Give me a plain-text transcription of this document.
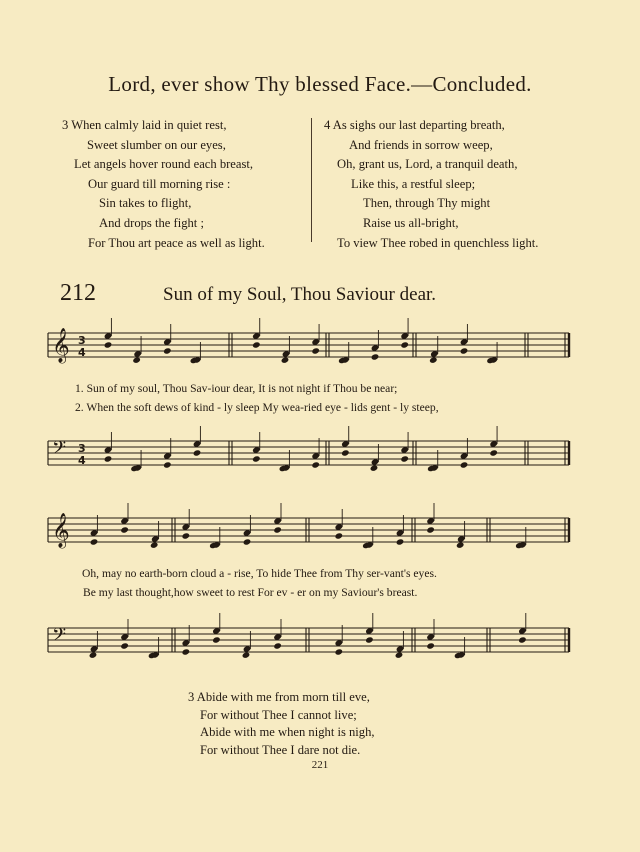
Lord, ever show Thy blessed Face.—Concluded.
3 When calmly laid in quiet rest,
Sweet slumber on our eyes,
Let angels hover round each breast,
Our guard till morning rise :
Sin takes to flight,
And drops the fight ;
For Thou art peace as well as light.
4 As sighs our last departing breath,
And friends in sorrow weep,
Oh, grant us, Lord, a tranquil death,
Like this, a restful sleep;
Then, through Thy might
Raise us all-bright,
To view Thee robed in quenchless light.
212	Sun of my Soul, Thou Saviour dear.
𝄞 3
4
𝄢 3
4
𝄞
𝄢
1. Sun of my soul, Thou Sav-iour dear, It is not night if Thou be near;
2. When the soft dews of kind - ly sleep My wea-ried eye - lids gent - ly steep,
Oh, may no earth-born cloud a - rise, To hide Thee from Thy ser-vant's eyes.
Be my last thought,how sweet to rest For ev - er on my Saviour's breast.
3 Abide with me from morn till eve,
For without Thee I cannot live;
Abide with me when night is nigh,
For without Thee I dare not die.
221
